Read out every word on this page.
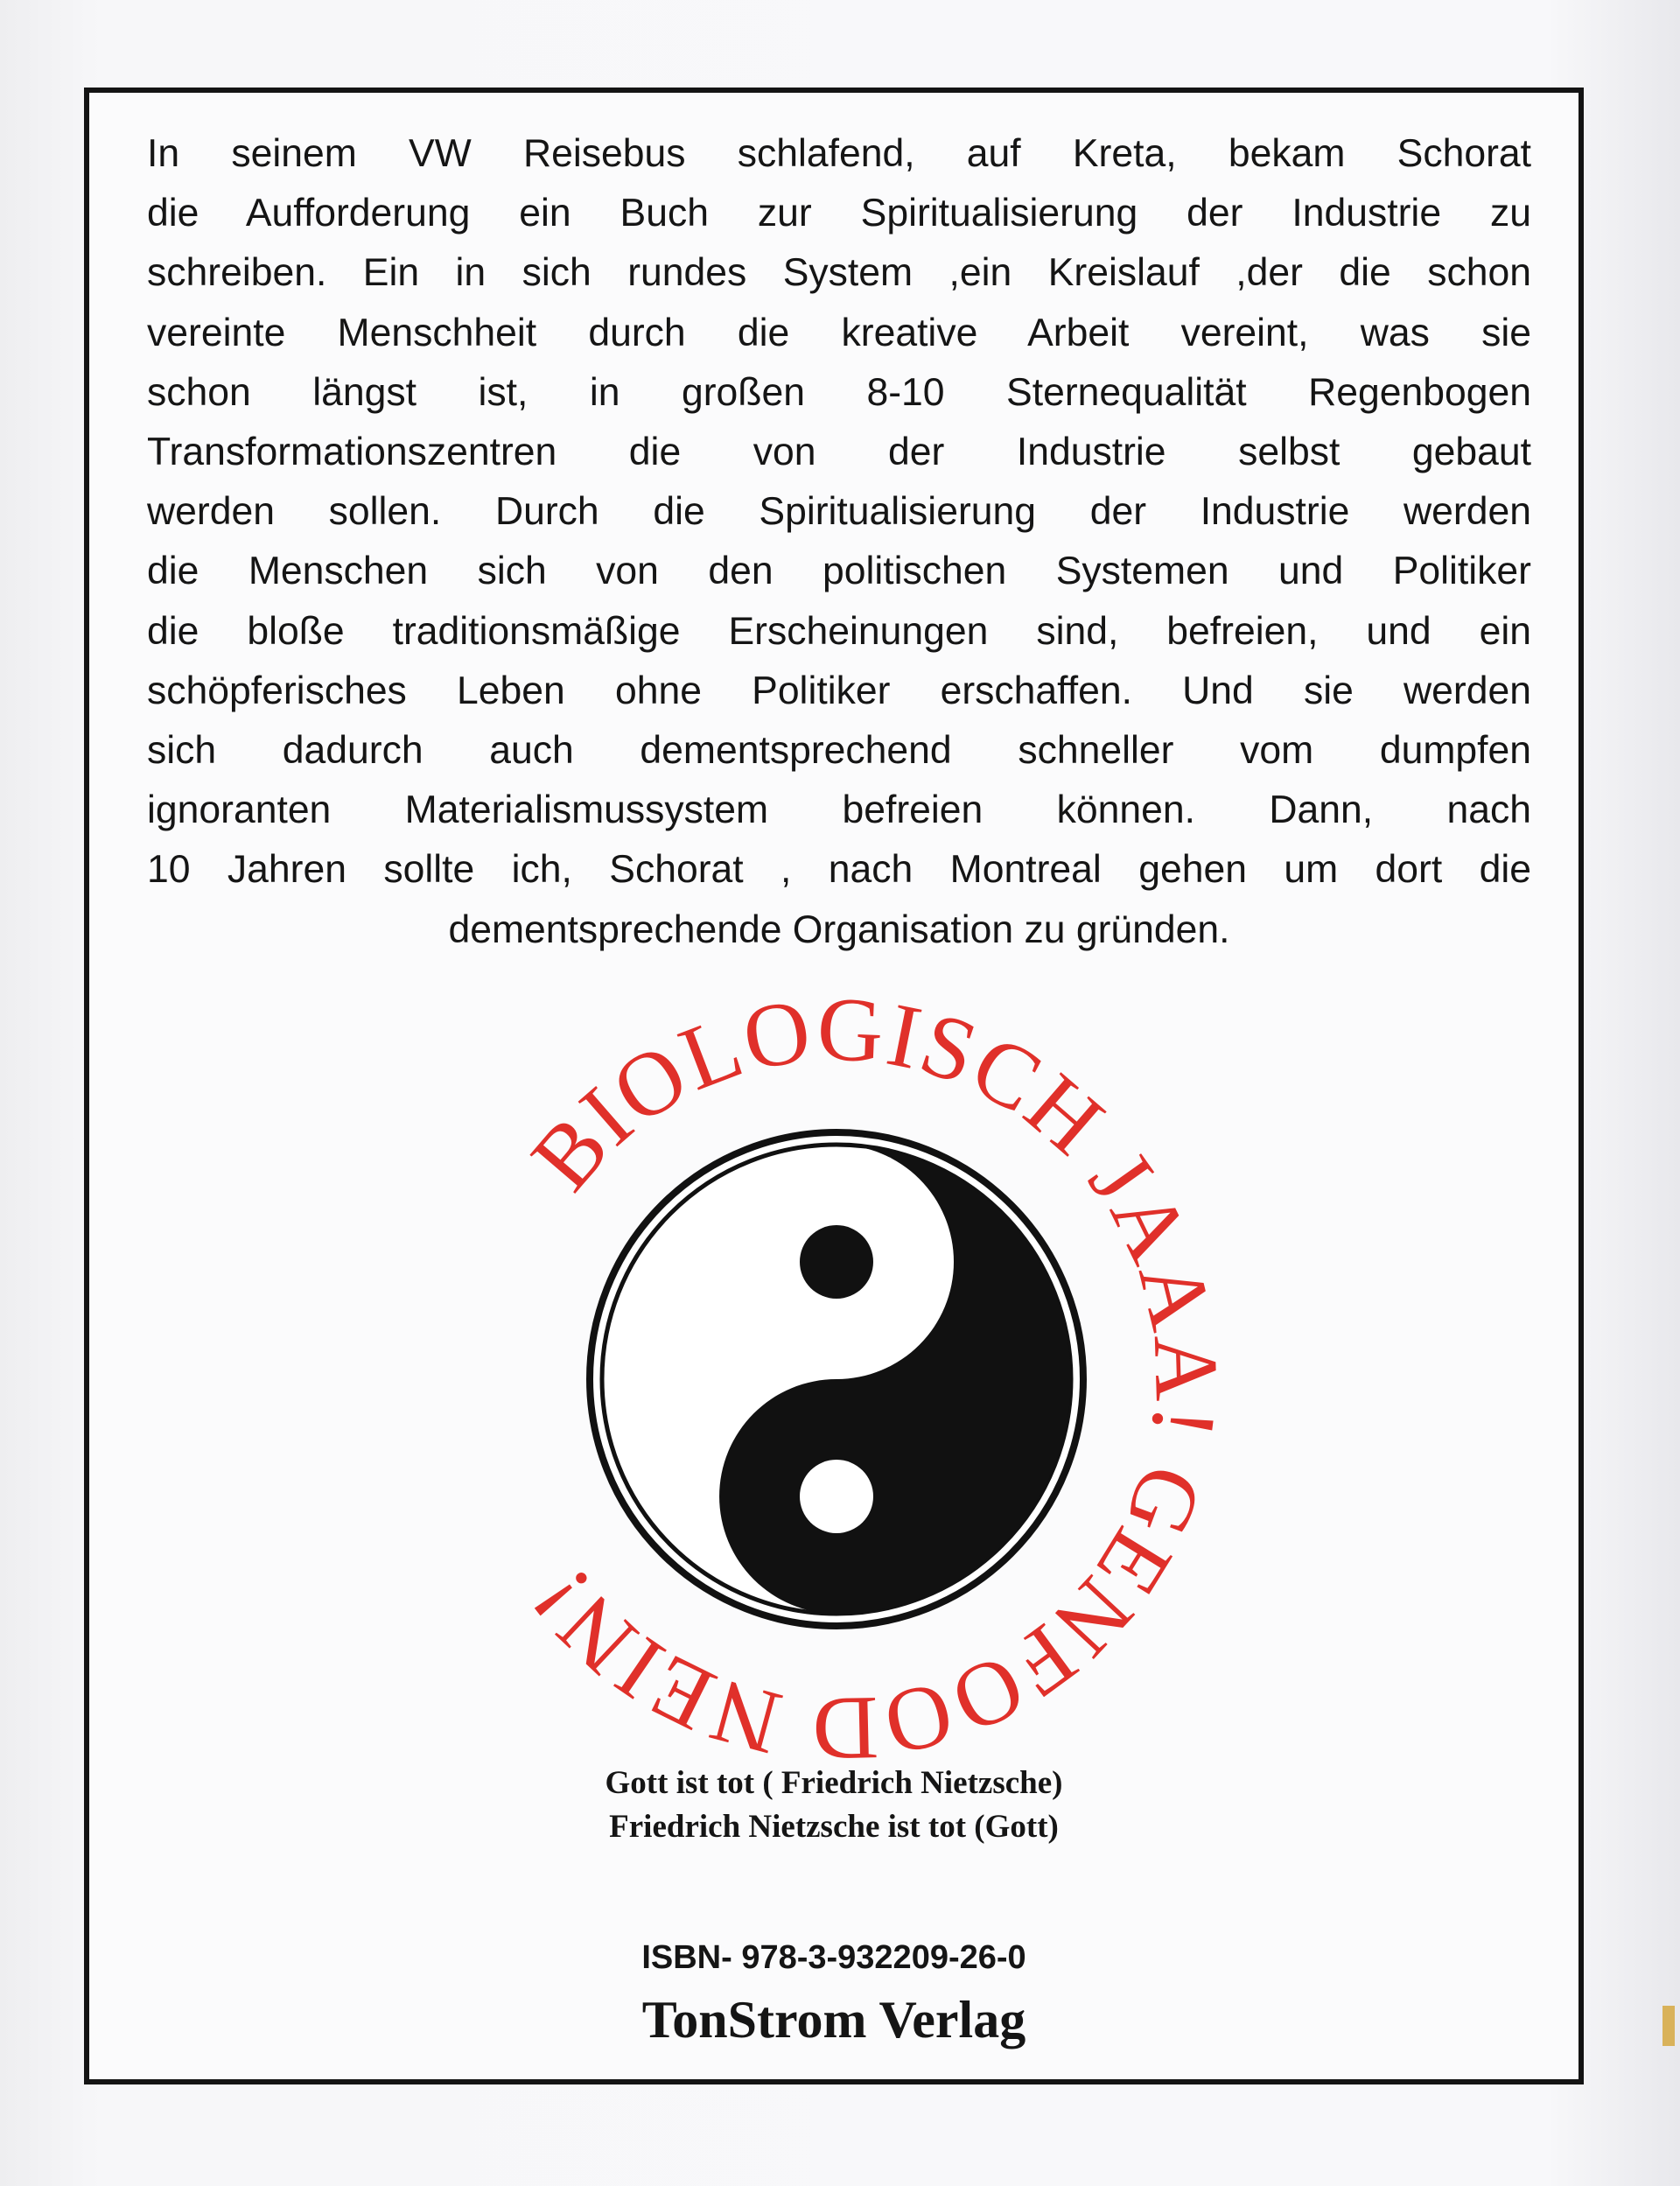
In seinem VW Reisebus schlafend, auf Kreta, bekam Schorat
die Aufforderung ein Buch zur Spiritualisierung der Industrie zu
schreiben. Ein in sich rundes System ,ein Kreislauf ,der die schon
vereinte Menschheit durch die kreative Arbeit vereint, was sie
schon längst ist, in großen 8-10 Sternequalität Regenbogen
Transformationszentren die von der Industrie selbst gebaut
werden sollen. Durch die Spiritualisierung der Industrie werden
die Menschen sich von den politischen Systemen und Politiker
die bloße traditionsmäßige Erscheinungen sind, befreien, und ein
schöpferisches Leben ohne Politiker erschaffen. Und sie werden
sich dadurch auch dementsprechend schneller vom dumpfen
ignoranten Materialismussystem befreien können. Dann, nach
10 Jahren sollte ich, Schorat , nach Montreal gehen um dort die
dementsprechende Organisation zu gründen.
BIOLOGISCH JAAA! GENFOOD NEIN!

Gott ist tot ( Friedrich Nietzsche)

Friedrich Nietzsche ist tot (Gott)

ISBN- 978-3-932209-26-0

TonStrom Verlag
